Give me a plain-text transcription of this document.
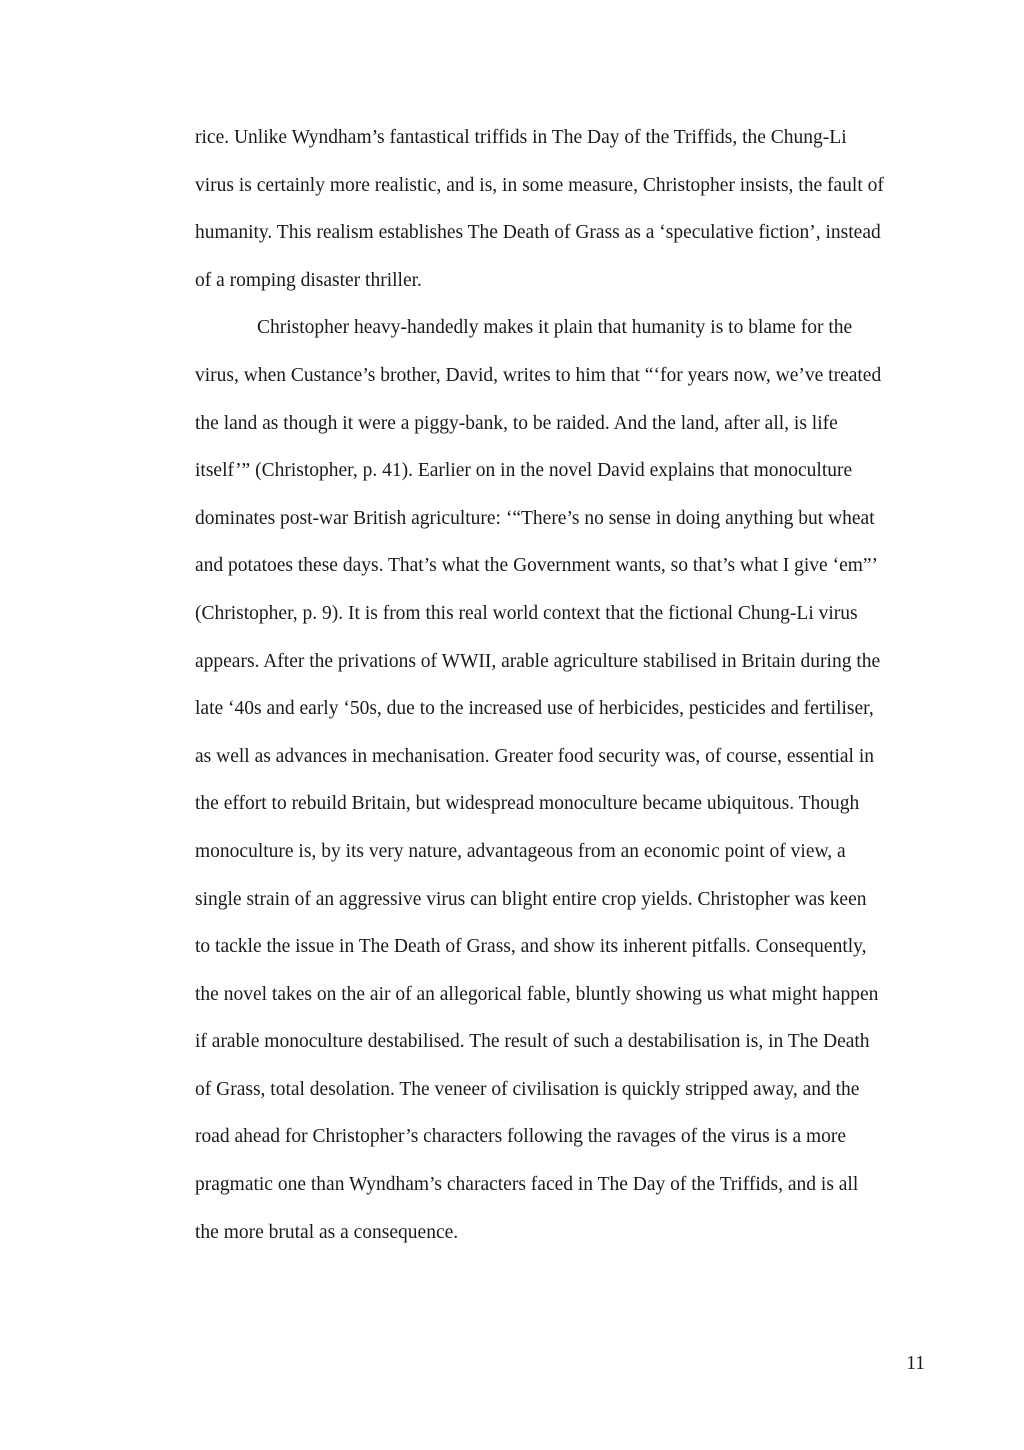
rice. Unlike Wyndham’s fantastical triffids in The Day of the Triffids, the Chung-Li
virus is certainly more realistic, and is, in some measure, Christopher insists, the fault of
humanity. This realism establishes The Death of Grass as a ‘speculative fiction’, instead
of a romping disaster thriller.
Christopher heavy-handedly makes it plain that humanity is to blame for the
virus, when Custance’s brother, David, writes to him that “‘for years now, we’ve treated
the land as though it were a piggy-bank, to be raided. And the land, after all, is life
itself’” (Christopher, p. 41). Earlier on in the novel David explains that monoculture
dominates post-war British agriculture: ‘“There’s no sense in doing anything but wheat
and potatoes these days. That’s what the Government wants, so that’s what I give ‘em”’
(Christopher, p. 9). It is from this real world context that the fictional Chung-Li virus
appears. After the privations of WWII, arable agriculture stabilised in Britain during the
late ‘40s and early ‘50s, due to the increased use of herbicides, pesticides and fertiliser,
as well as advances in mechanisation. Greater food security was, of course, essential in
the effort to rebuild Britain, but widespread monoculture became ubiquitous. Though
monoculture is, by its very nature, advantageous from an economic point of view, a
single strain of an aggressive virus can blight entire crop yields. Christopher was keen
to tackle the issue in The Death of Grass, and show its inherent pitfalls. Consequently,
the novel takes on the air of an allegorical fable, bluntly showing us what might happen
if arable monoculture destabilised. The result of such a destabilisation is, in The Death
of Grass, total desolation. The veneer of civilisation is quickly stripped away, and the
road ahead for Christopher’s characters following the ravages of the virus is a more
pragmatic one than Wyndham’s characters faced in The Day of the Triffids, and is all
the more brutal as a consequence.
11
